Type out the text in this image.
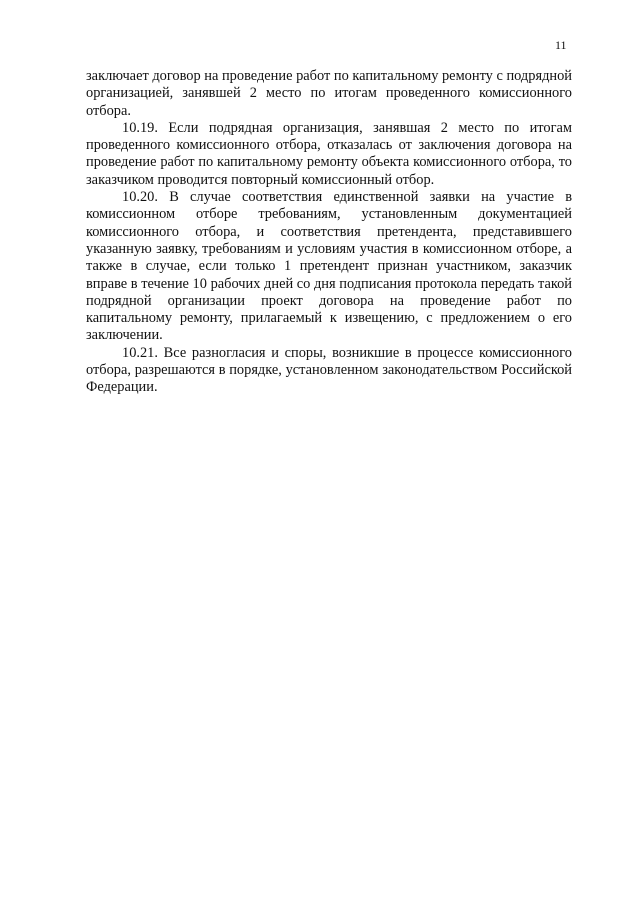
11

заключает договор на проведение работ по капитальному ремонту с подрядной организацией, занявшей 2 место по итогам проведенного комиссионного отбора.

10.19. Если подрядная организация, занявшая 2 место по итогам проведенного комиссионного отбора, отказалась от заключения договора на проведение работ по капитальному ремонту объекта комиссионного отбора, то заказчиком проводится повторный комиссионный отбор.

10.20. В случае соответствия единственной заявки на участие в комиссионном отборе требованиям, установленным документацией комиссионного отбора, и соответствия претендента, представившего указанную заявку, требованиям и условиям участия в комиссионном отборе, а также в случае, если только 1 претендент признан участником, заказчик вправе в течение 10 рабочих дней со дня подписания протокола передать такой подрядной организации проект договора на проведение работ по капитальному ремонту, прилагаемый к извещению, с предложением о его заключении.

10.21. Все разногласия и споры, возникшие в процессе комиссионного отбора, разрешаются в порядке, установленном законодательством Российской Федерации.
